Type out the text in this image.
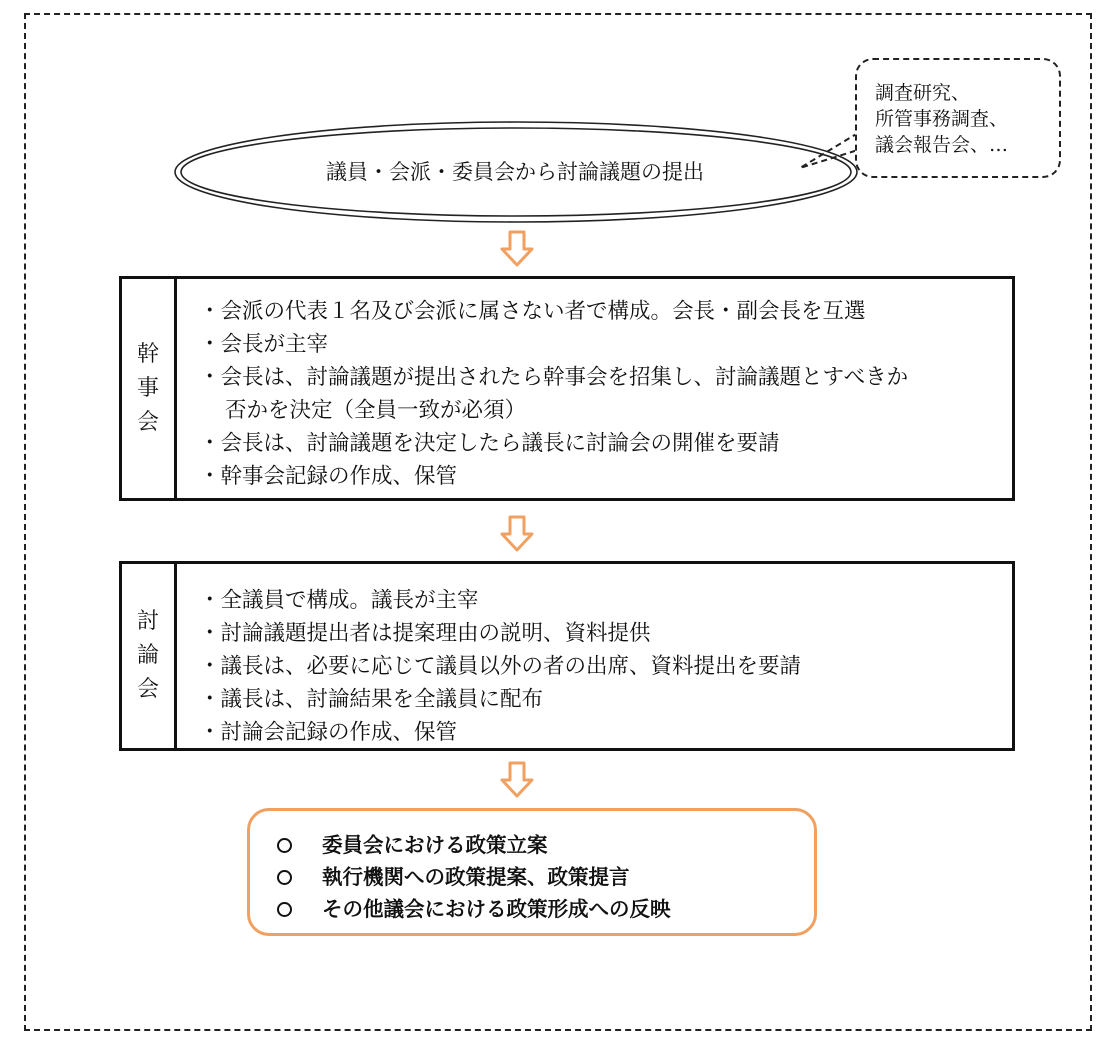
議員・会派・委員会から討論議題の提出
調査研究、
所管事務調査、
議会報告会、…
幹事会
・会派の代表１名及び会派に属さない者で構成。会長・副会長を互選
・会長が主宰
・会長は、討論議題が提出されたら幹事会を招集し、討論議題とすべきか
否かを決定（全員一致が必須）
・会長は、討論議題を決定したら議長に討論会の開催を要請
・幹事会記録の作成、保管
討論会
・全議員で構成。議長が主宰
・討論議題提出者は提案理由の説明、資料提供
・議長は、必要に応じて議員以外の者の出席、資料提出を要請
・議長は、討論結果を全議員に配布
・討論会記録の作成、保管
委員会における政策立案
執行機関への政策提案、政策提言
その他議会における政策形成への反映
